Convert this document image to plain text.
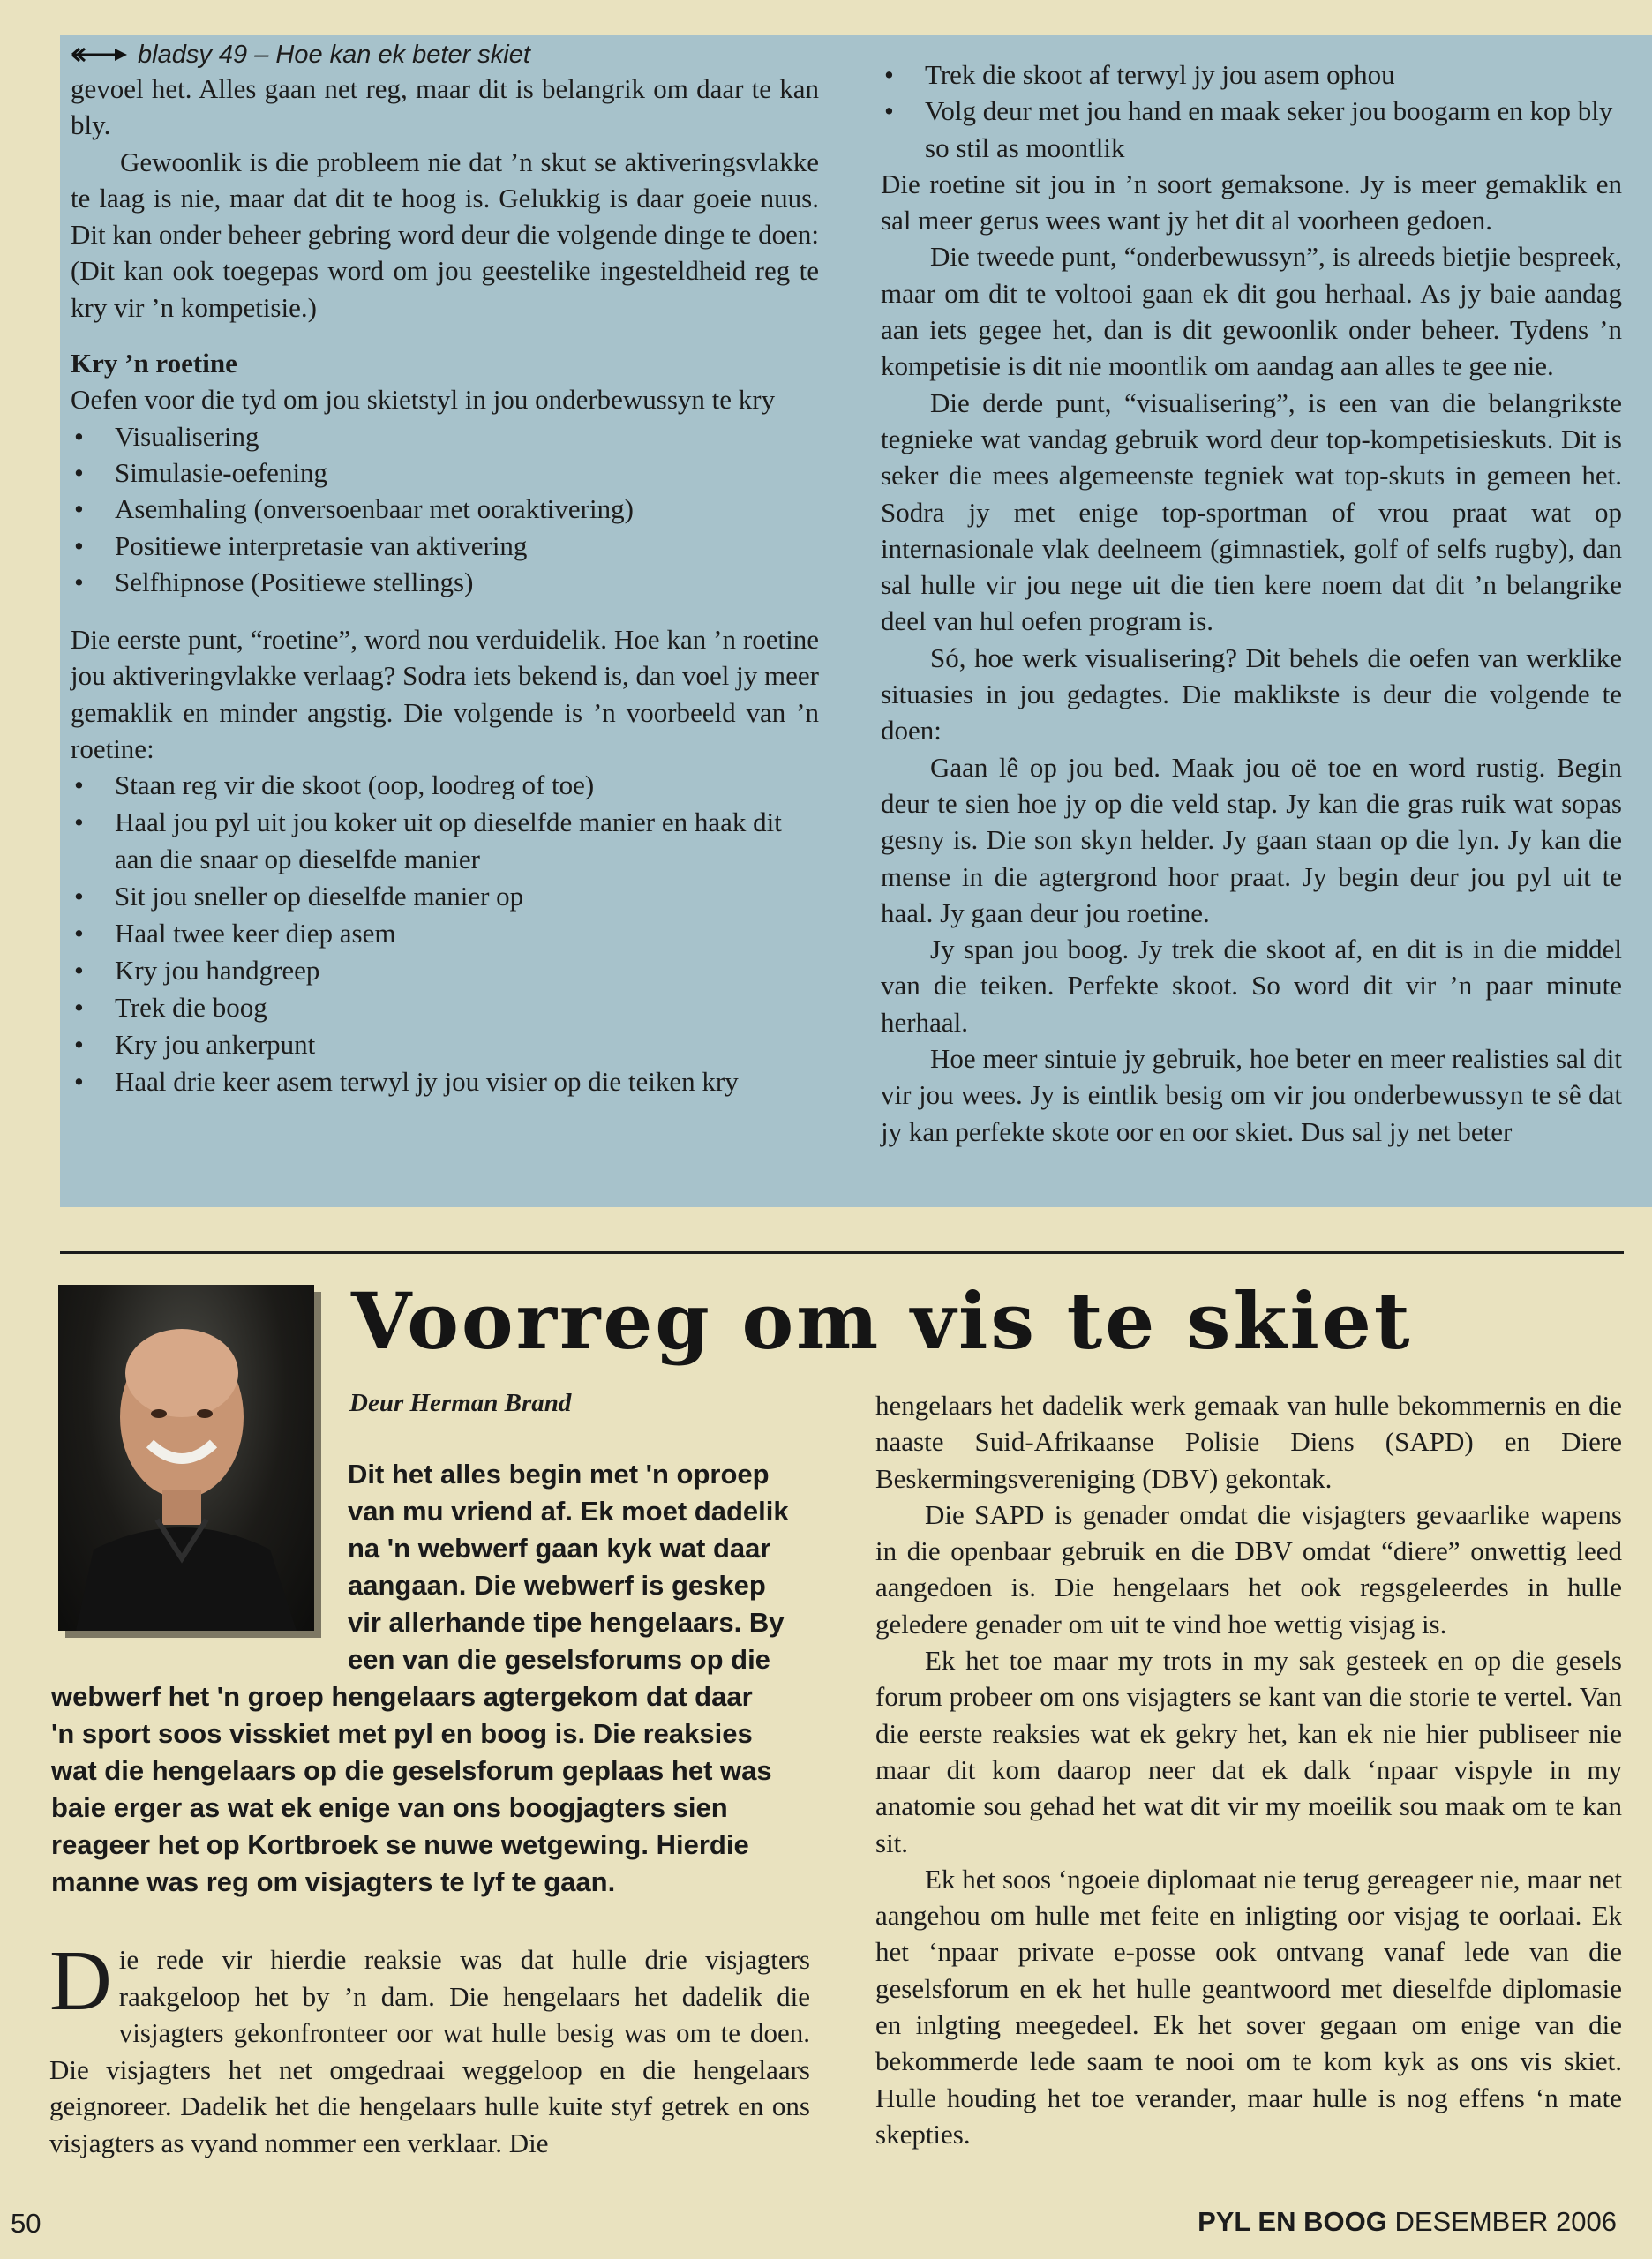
bladsy 49 – Hoe kan ek beter skiet

gevoel het. Alles gaan net reg, maar dit is belangrik om daar te kan bly.

Gewoonlik is die probleem nie dat ’n skut se aktiveringsvlakke te laag is nie, maar dat dit te hoog is. Gelukkig is daar goeie nuus. Dit kan onder beheer gebring word deur die volgende dinge te doen: (Dit kan ook toegepas word om jou geestelike ingesteldheid reg te kry vir ’n kompetisie.)

Kry ’n roetine

Oefen voor die tyd om jou skietstyl in jou onderbewussyn te kry

• Visualisering
• Simulasie-oefening
• Asemhaling (onversoenbaar met ooraktivering)
• Positiewe interpretasie van aktivering
• Selfhipnose (Positiewe stellings)

Die eerste punt, “roetine”, word nou verduidelik. Hoe kan ’n roetine jou aktiveringvlakke verlaag? Sodra iets bekend is, dan voel jy meer gemaklik en minder angstig. Die volgende is ’n voorbeeld van ’n roetine:

• Staan reg vir die skoot (oop, loodreg of toe)
• Haal jou pyl uit jou koker uit op dieselfde manier en haak dit aan die snaar op dieselfde manier
• Sit jou sneller op dieselfde manier op
• Haal twee keer diep asem
• Kry jou handgreep
• Trek die boog
• Kry jou ankerpunt
• Haal drie keer asem terwyl jy jou visier op die teiken kry
• Trek die skoot af terwyl jy jou asem ophou
• Volg deur met jou hand en maak seker jou boogarm en kop bly so stil as moontlik

Die roetine sit jou in ’n soort gemaksone. Jy is meer gemaklik en sal meer gerus wees want jy het dit al voorheen gedoen.

Die tweede punt, “onderbewussyn”, is alreeds bietjie bespreek, maar om dit te voltooi gaan ek dit gou herhaal. As jy baie aandag aan iets gegee het, dan is dit gewoonlik onder beheer. Tydens ’n kompetisie is dit nie moontlik om aandag aan alles te gee nie.

Die derde punt, “visualisering”, is een van die belangrikste tegnieke wat vandag gebruik word deur top-kompetisieskuts. Dit is seker die mees algemeenste tegniek wat top-skuts in gemeen het. Sodra jy met enige top-sportman of vrou praat wat op internasionale vlak deelneem (gimnastiek, golf of selfs rugby), dan sal hulle vir jou nege uit die tien kere noem dat dit ’n belangrike deel van hul oefen program is.

Só, hoe werk visualisering? Dit behels die oefen van werklike situasies in jou gedagtes. Die maklikste is deur die volgende te doen:

Gaan lê op jou bed. Maak jou oë toe en word rustig. Begin deur te sien hoe jy op die veld stap. Jy kan die gras ruik wat sopas gesny is. Die son skyn helder. Jy gaan staan op die lyn. Jy kan die mense in die agtergrond hoor praat. Jy begin deur jou pyl uit te haal. Jy gaan deur jou roetine.

Jy span jou boog. Jy trek die skoot af, en dit is in die middel van die teiken. Perfekte skoot. So word dit vir ’n paar minute herhaal.

Hoe meer sintuie jy gebruik, hoe beter en meer realisties sal dit vir jou wees. Jy is eintlik besig om vir jou onderbewussyn te sê dat jy kan perfekte skote oor en oor skiet. Dus sal jy net beter

Voorreg om vis te skiet
Deur Herman Brand
Dit het alles begin met 'n oproep
van mu vriend af. Ek moet dadelik
na 'n webwerf gaan kyk wat daar
aangaan. Die webwerf is geskep
vir allerhande tipe hengelaars. By
een van die geselsforums op die
webwerf het 'n groep hengelaars agtergekom dat daar
'n sport soos visskiet met pyl en boog is. Die reaksies
wat die hengelaars op die geselsforum geplaas het was
baie erger as wat ek enige van ons boogjagters sien
reageer het op Kortbroek se nuwe wetgewing. Hierdie
manne was reg om visjagters te lyf te gaan.

Die rede vir hierdie reaksie was dat hulle drie visjagters raakgeloop het by ’n dam. Die hengelaars het dadelik die visjagters gekonfronteer oor wat hulle besig was om te doen. Die visjagters het net omgedraai weggeloop en die hengelaars geignoreer. Dadelik het die hengelaars hulle kuite styf getrek en ons visjagters as vyand nommer een verklaar. Die

hengelaars het dadelik werk gemaak van hulle bekommernis en die naaste Suid-Afrikaanse Polisie Diens (SAPD) en Diere Beskermingsvereniging (DBV) gekontak.

Die SAPD is genader omdat die visjagters gevaarlike wapens in die openbaar gebruik en die DBV omdat “diere” onwettig leed aangedoen is. Die hengelaars het ook regsgeleerdes in hulle geledere genader om uit te vind hoe wettig visjag is.

Ek het toe maar my trots in my sak gesteek en op die gesels forum probeer om ons visjagters se kant van die storie te vertel. Van die eerste reaksies wat ek gekry het, kan ek nie hier publiseer nie maar dit kom daarop neer dat ek dalk ‘npaar vispyle in my anatomie sou gehad het wat dit vir my moeilik sou maak om te kan sit.

Ek het soos ‘ngoeie diplomaat nie terug gereageer nie, maar net aangehou om hulle met feite en inligting oor visjag te oorlaai. Ek het ‘npaar private e-posse ook ontvang vanaf lede van die geselsforum en ek het hulle geantwoord met dieselfde diplomasie en inlgting meegedeel. Ek het sover gegaan om enige van die bekommerde lede saam te nooi om te kom kyk as ons vis skiet. Hulle houding het toe verander, maar hulle is nog effens ‘n mate skepties.

50	PYL EN BOOG DESEMBER 2006
